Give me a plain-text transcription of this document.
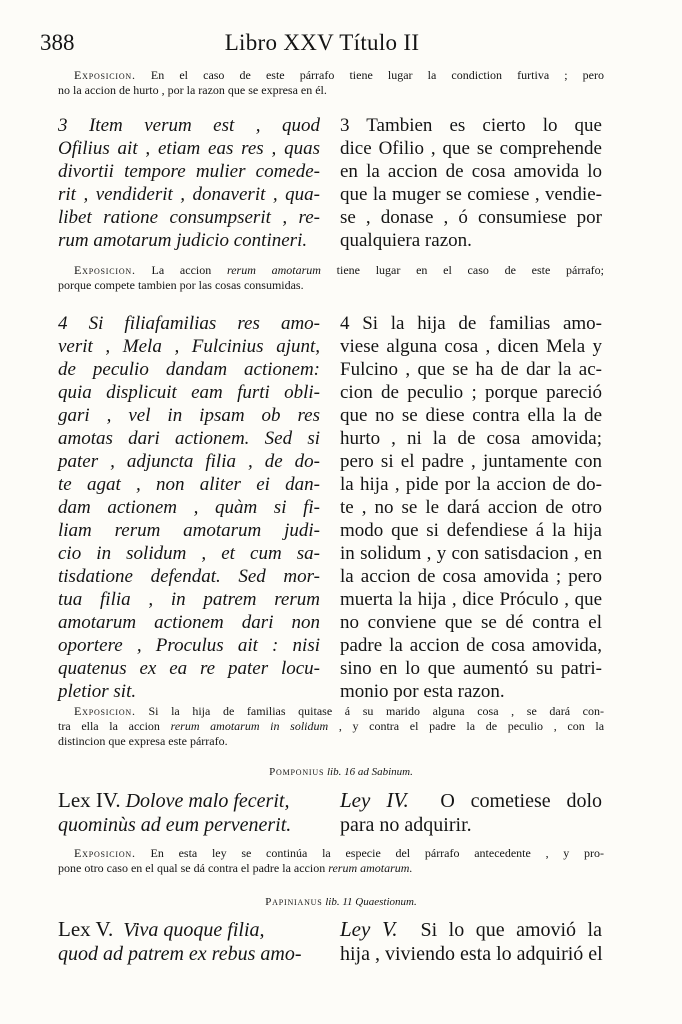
388	Libro XXV Título II
Exposicion. En el caso de este párrafo tiene lugar la condiction furtiva ; pero
no la accion de hurto , por la razon que se expresa en él.
3 Item verum est , quod
Ofilius ait , etiam eas res , quas
divortii tempore mulier comede-
rit , vendiderit , donaverit , qua-
libet ratione consumpserit , re-
rum amotarum judicio contineri.
3 Tambien es cierto lo que
dice Ofilio , que se comprehende
en la accion de cosa amovida lo
que la muger se comiese , vendie-
se , donase , ó consumiese por
qualquiera razon.
Exposicion. La accion rerum amotarum tiene lugar en el caso de este párrafo;
porque compete tambien por las cosas consumidas.
4 Si filiafamilias res amo-
verit , Mela , Fulcinius ajunt,
de peculio dandam actionem:
quia displicuit eam furti obli-
gari , vel in ipsam ob res
amotas dari actionem. Sed si
pater , adjuncta filia , de do-
te agat , non aliter ei dan-
dam actionem , quàm si fi-
liam rerum amotarum judi-
cio in solidum , et cum sa-
tisdatione defendat. Sed mor-
tua filia , in patrem rerum
amotarum actionem dari non
oportere , Proculus ait : nisi
quatenus ex ea re pater locu-
pletior sit.
4 Si la hija de familias amo-
viese alguna cosa , dicen Mela y
Fulcino , que se ha de dar la ac-
cion de peculio ; porque pareció
que no se diese contra ella la de
hurto , ni la de cosa amovida;
pero si el padre , juntamente con
la hija , pide por la accion de do-
te , no se le dará accion de otro
modo que si defendiese á la hija
in solidum , y con satisdacion , en
la accion de cosa amovida ; pero
muerta la hija , dice Próculo , que
no conviene que se dé contra el
padre la accion de cosa amovida,
sino en lo que aumentó su patri-
monio por esta razon.
Exposicion. Si la hija de familias quitase á su marido alguna cosa , se dará con-
tra ella la accion rerum amotarum in solidum , y contra el padre la de peculio , con la
distincion que expresa este párrafo.
Pomponius lib. 16 ad Sabinum.
Lex IV. Dolove malo fecerit,
quominùs ad eum pervenerit.
Ley IV. O cometiese dolo
para no adquirir.
Exposicion. En esta ley se continúa la especie del párrafo antecedente , y pro-
pone otro caso en el qual se dá contra el padre la accion rerum amotarum.
Papinianus lib. 11 Quaestionum.
Lex V. Viva quoque filia,
quod ad patrem ex rebus amo-
Ley V. Si lo que amovió la
hija , viviendo esta lo adquirió el
